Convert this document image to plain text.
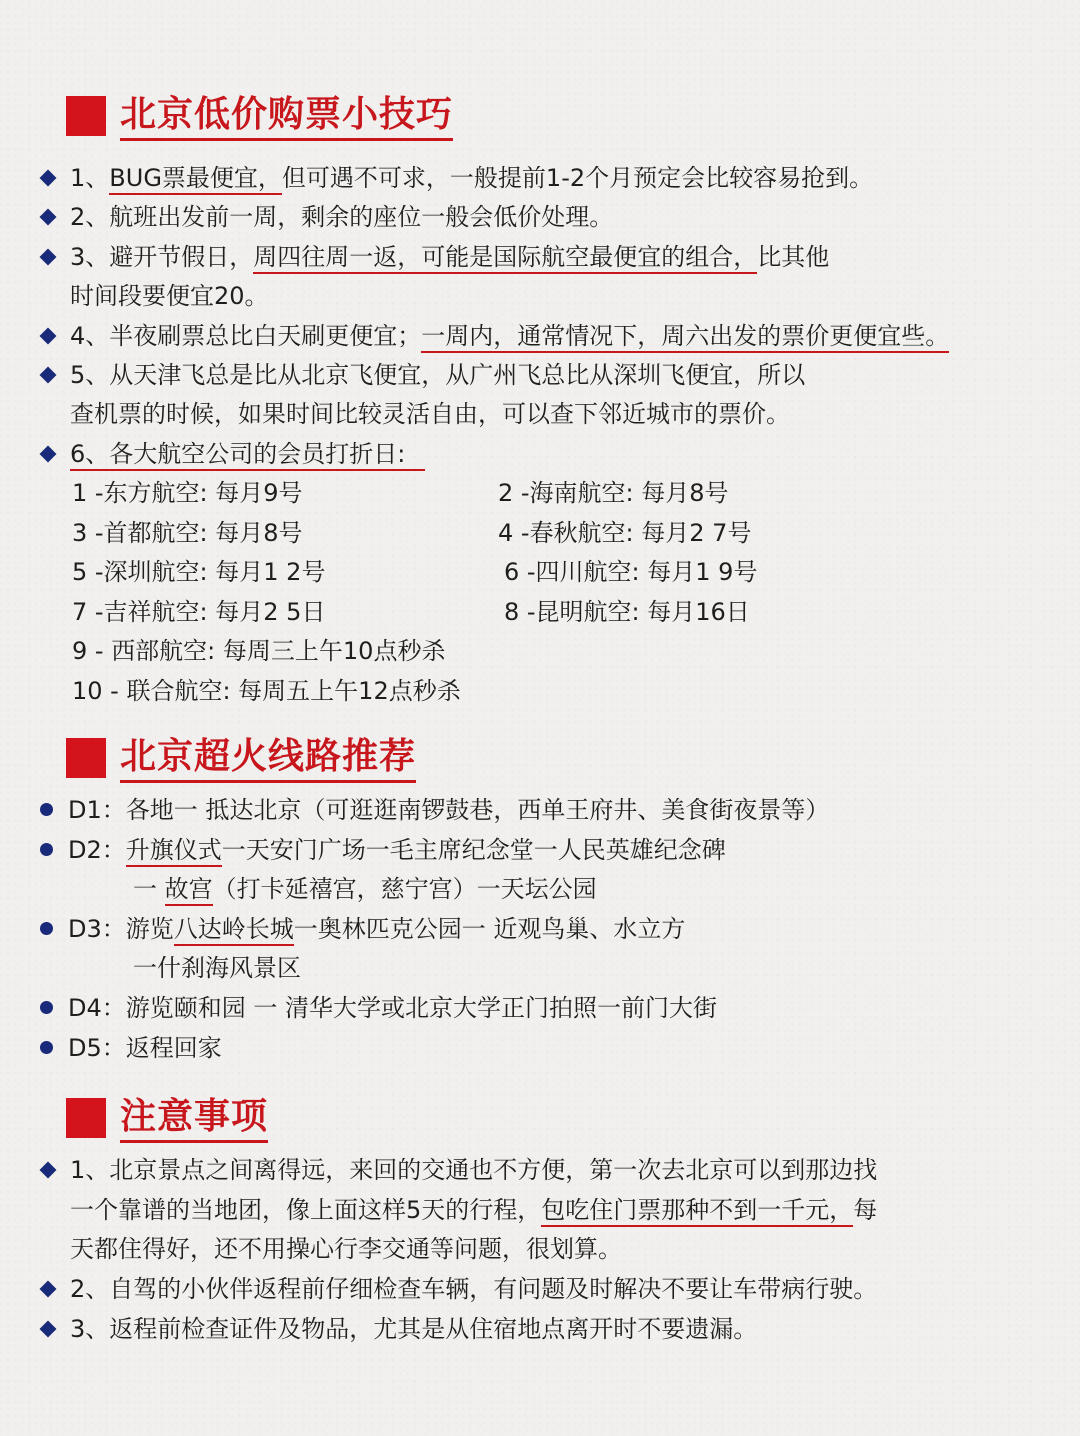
北京低价购票小技巧
1、BUG票最便宜，但可遇不可求，一般提前1-2个月预定会比较容易抢到。
2、航班出发前一周，剩余的座位一般会低价处理。
3、避开节假日，周四往周一返，可能是国际航空最便宜的组合，比其他
时间段要便宜20。
4、半夜刷票总比白天刷更便宜；一周内，通常情况下，周六出发的票价更便宜些。
5、从天津飞总是比从北京飞便宜，从广州飞总比从深圳飞便宜，所以
查机票的时候，如果时间比较灵活自由，可以查下邻近城市的票价。
6、各大航空公司的会员打折日:
1 -东方航空: 每月9号	2 -海南航空: 每月8号
3 -首都航空: 每月8号	4 -春秋航空: 每月2 7号
5 -深圳航空: 每月1 2号	6 -四川航空: 每月1 9号
7 -吉祥航空: 每月2 5日	8 -昆明航空: 每月16日
9 - 西部航空: 每周三上午10点秒杀
10 - 联合航空: 每周五上午12点秒杀
北京超火线路推荐
D1：各地一 抵达北京（可逛逛南锣鼓巷，西单王府井、美食街夜景等）
D2：升旗仪式一天安门广场一毛主席纪念堂一人民英雄纪念碑
一 故宫（打卡延禧宫，慈宁宫）一天坛公园
D3：游览八达岭长城一奥林匹克公园一 近观鸟巢、水立方
一什刹海风景区
D4：游览颐和园 一 清华大学或北京大学正门拍照一前门大街
D5：返程回家
注意事项
1、北京景点之间离得远，来回的交通也不方便，第一次去北京可以到那边找
一个靠谱的当地团，像上面这样5天的行程，包吃住门票那种不到一千元，每
天都住得好，还不用操心行李交通等问题，很划算。
2、自驾的小伙伴返程前仔细检查车辆，有问题及时解决不要让车带病行驶。
3、返程前检查证件及物品，尤其是从住宿地点离开时不要遗漏。
